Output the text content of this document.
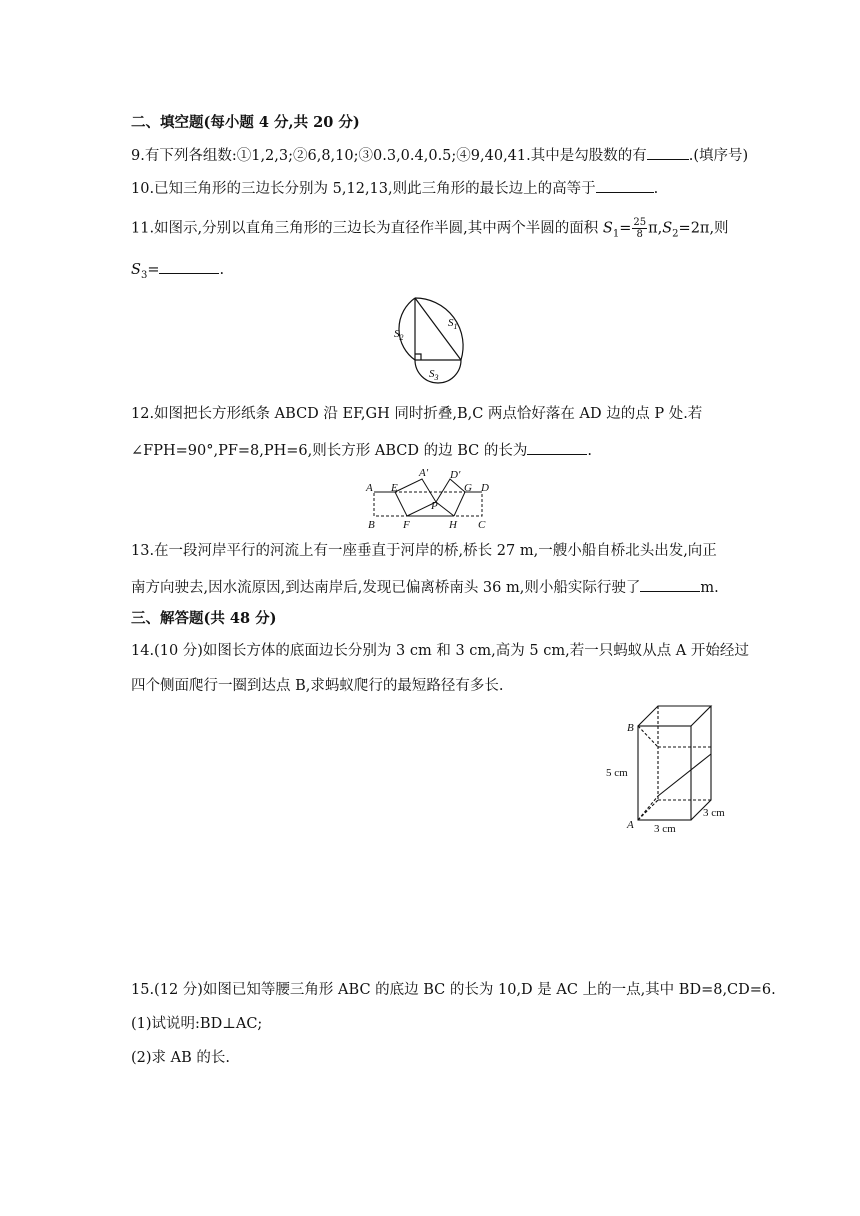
二、填空题(每小题 4 分,共 20 分)
9.有下列各组数:①1,2,3;②6,8,10;③0.3,0.4,0.5;④9,40,41.其中是勾股数的有	.(填序号)
10.已知三角形的三边长分别为 5,12,13,则此三角形的最长边上的高等于	.
11.如图示,分别以直角三角形的三边长为直径作半圆,其中两个半圆的面积 $S_1= \frac{25}{8} \pi,S_2=2\pi$,则
$S_3=$	.
$S_2$
$S_1$
$S_3$
12.如图把长方形纸条 ABCD 沿 EF,GH 同时折叠,B,C 两点恰好落在 AD 边的点 P 处.若
∠FPH=90°,PF=8,PH=6,则长方形 ABCD 的边 BC 的长为	.
A E
A′ D′
G D
P
B	F	H C
13.在一段河岸平行的河流上有一座垂直于河岸的桥,桥长 27 m,一艘小船自桥北头出发,向正
南方向驶去,因水流原因,到达南岸后,发现已偏离桥南头 36 m,则小船实际行驶了	m.
三、解答题(共 48 分)
14.(10 分)如图长方体的底面边长分别为 3 cm 和 3 cm,高为 5 cm,若一只蚂蚁从点 A 开始经过
四个侧面爬行一圈到达点 B,求蚂蚁爬行的最短路径有多长.
B
A
5 cm
3 cm
3 cm
15.(12 分)如图已知等腰三角形 ABC 的底边 BC 的长为 10,D 是 AC 上的一点,其中 BD=8,CD=6.
(1)试说明:BD⊥AC;
(2)求 AB 的长.
